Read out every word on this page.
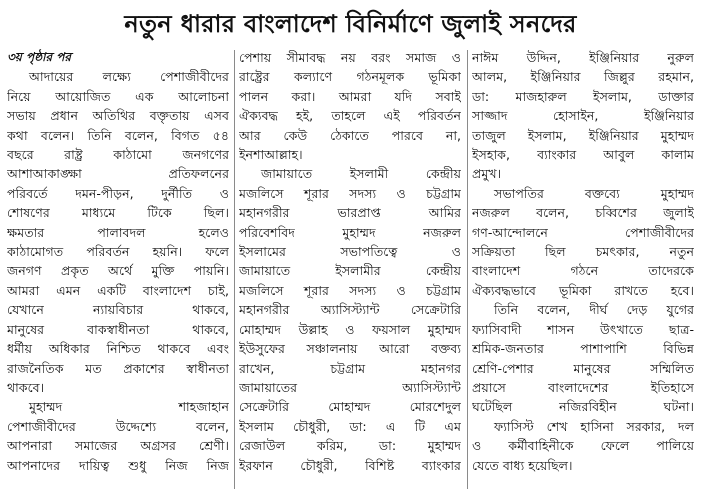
নতুন ধারার বাংলাদেশ বিনির্মাণে জুলাই সনদের
৩য় পৃষ্ঠার পর
আদায়ের লক্ষ্যে পেশাজীবীদের
নিয়ে আয়োজিত এক আলোচনা
সভায় প্রধান অতিথির বক্তৃতায় এসব
কথা বলেন। তিনি বলেন, বিগত ৫৪
বছরে রাষ্ট্র কাঠামো জনগণের
আশাআকাঙ্ক্ষা প্রতিফলনের
পরিবর্তে দমন-পীড়ন, দুর্নীতি ও
শোষণের মাধ্যমে টিকে ছিল।
ক্ষমতার পালাবদল হলেও
কাঠামোগত পরিবর্তন হয়নি। ফলে
জনগণ প্রকৃত অর্থে মুক্তি পায়নি।
আমরা এমন একটি বাংলাদেশ চাই,
যেখানে ন্যায়বিচার থাকবে,
মানুষের বাকস্বাধীনতা থাকবে,
ধর্মীয় অধিকার নিশ্চিত থাকবে এবং
রাজনৈতিক মত প্রকাশের স্বাধীনতা
থাকবে।
মুহাম্মদ শাহজাহান
পেশাজীবীদের উদ্দেশ্যে বলেন,
আপনারা সমাজের অগ্রসর শ্রেণী।
আপনাদের দায়িত্ব শুধু নিজ নিজ
পেশায় সীমাবদ্ধ নয় বরং সমাজ ও
রাষ্ট্রের কল্যাণে গঠনমূলক ভূমিকা
পালন করা। আমরা যদি সবাই
ঐক্যবদ্ধ হই, তাহলে এই পরিবর্তন
আর কেউ ঠেকাতে পারবে না,
ইনশাআল্লাহ।
জামায়াতে ইসলামী কেন্দ্রীয়
মজলিসে শূরার সদস্য ও চট্টগ্রাম
মহানগরীর ভারপ্রাপ্ত আমির
পরিবেশবিদ মুহাম্মদ নজরুল
ইসলামের সভাপতিত্বে ও
জামায়াতে ইসলামীর কেন্দ্রীয়
মজলিসে শূরার সদস্য ও চট্টগ্রাম
মহানগরীর অ্যাসিস্ট্যান্ট সেক্রেটারি
মোহাম্মদ উল্লাহ ও ফয়সাল মুহাম্মদ
ইউসুফের সঞ্চালনায় আরো বক্তব্য
রাখেন, চট্টগ্রাম মহানগর
জামায়াতের অ্যাসিস্ট্যান্ট
সেক্রেটারি মোহাম্মদ মোরশেদুল
ইসলাম চৌধুরী, ডা: এ টি এম
রেজাউল করিম, ডা: মুহাম্মদ
ইরফান চৌধুরী, বিশিষ্ট ব্যাংকার
নাঈম উদ্দিন, ইঞ্জিনিয়ার নুরুল
আলম, ইঞ্জিনিয়ার জিল্লুর রহমান,
ডা: মাজহারুল ইসলাম, ডাক্তার
সাজ্জাদ হোসাইন, ইঞ্জিনিয়ার
তাজুল ইসলাম, ইঞ্জিনিয়ার মুহাম্মদ
ইসহাক, ব্যাংকার আবুল কালাম
প্রমুখ।
সভাপতির বক্তব্যে মুহাম্মদ
নজরুল বলেন, চব্বিশের জুলাই
গণ-আন্দোলনে পেশাজীবীদের
সক্রিয়তা ছিল চমৎকার, নতুন
বাংলাদেশ গঠনে তাদেরকে
ঐক্যবদ্ধভাবে ভূমিকা রাখতে হবে।
তিনি বলেন, দীর্ঘ দেড় যুগের
ফ্যাসিবাদী শাসন উৎখাতে ছাত্র-
শ্রমিক-জনতার পাশাপাশি বিভিন্ন
শ্রেণি-পেশার মানুষের সম্মিলিত
প্রয়াসে বাংলাদেশের ইতিহাসে
ঘটেছিল নজিরবিহীন ঘটনা।
ফ্যাসিস্ট শেখ হাসিনা সরকার, দল
ও কর্মীবাহিনীকে ফেলে পালিয়ে
যেতে বাধ্য হয়েছিল।
